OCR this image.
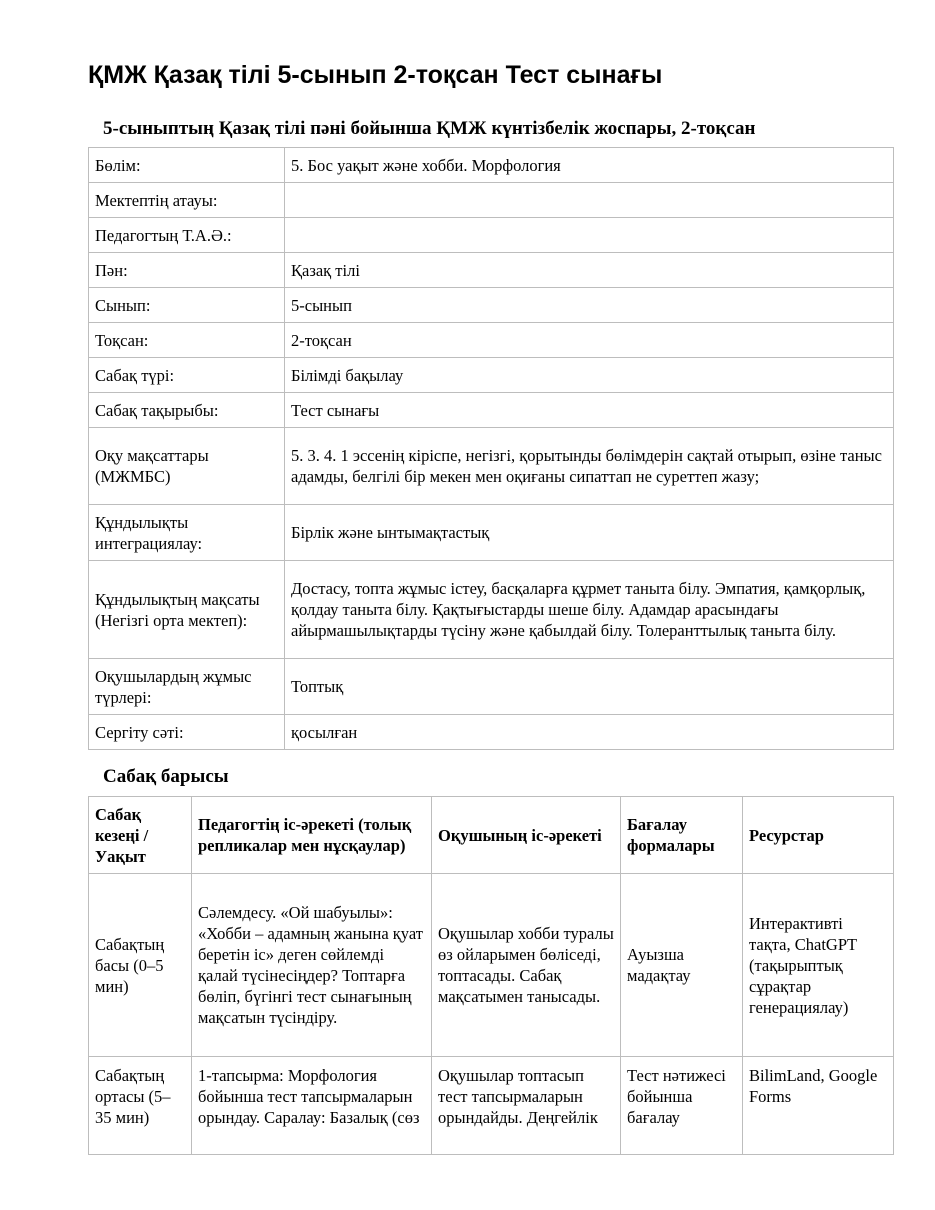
ҚМЖ Қазақ тілі 5-сынып 2-тоқсан Тест сынағы
5-сыныптың Қазақ тілі пәні бойынша ҚМЖ күнтізбелік жоспары, 2-тоқсан
Бөлім:	5. Бос уақыт және хобби. Морфология
Мектептің атауы:	
Педагогтың Т.А.Ә.:	
Пән:	Қазақ тілі
Сынып:	5-сынып
Тоқсан:	2-тоқсан
Сабақ түрі:	Білімді бақылау
Сабақ тақырыбы:	Тест сынағы
Оқу мақсаттары (МЖМБС)	5. 3. 4. 1 эссенің кіріспе, негізгі, қорытынды бөлімдерін сақтай отырып, өзіне таныс адамды, белгілі бір мекен мен оқиғаны сипаттап не суреттеп жазу;
Құндылықты интеграциялау:	Бірлік және ынтымақтастық
Құндылықтың мақсаты (Негізгі орта мектеп):	Достасу, топта жұмыс істеу, басқаларға құрмет таныта білу. Эмпатия, қамқорлық, қолдау таныта білу. Қақтығыстарды шеше білу. Адамдар арасындағы айырмашылықтарды түсіну және қабылдай білу. Толеранттылық таныта білу.
Оқушылардың жұмыс түрлері:	Топтық
Сергіту сәті:	қосылған
Сабақ барысы
Сабақ кезеңі / Уақыт	Педагогтің іс-әрекеті (толық репликалар мен нұсқаулар)	Оқушының іс-әрекеті	Бағалау формалары	Ресурстар
Сабақтың басы (0–5 мин)	Сәлемдесу. «Ой шабуылы»: «Хобби – адамның жанына қуат беретін іс» деген сөйлемді қалай түсінесіңдер? Топтарға бөліп, бүгінгі тест сынағының мақсатын түсіндіру.	Оқушылар хобби туралы өз ойларымен бөліседі, топтасады. Сабақ мақсатымен танысады.	Ауызша мадақтау	Интерактивті тақта, ChatGPT (тақырыптық сұрақтар генерациялау)
Сабақтың ортасы (5–35 мин)	1-тапсырма: Морфология бойынша тест тапсырмаларын орындау. Саралау: Базалық (сөз	Оқушылар топтасып тест тапсырмаларын орындайды. Деңгейлік	Тест нәтижесі бойынша бағалау	BilimLand, Google Forms
